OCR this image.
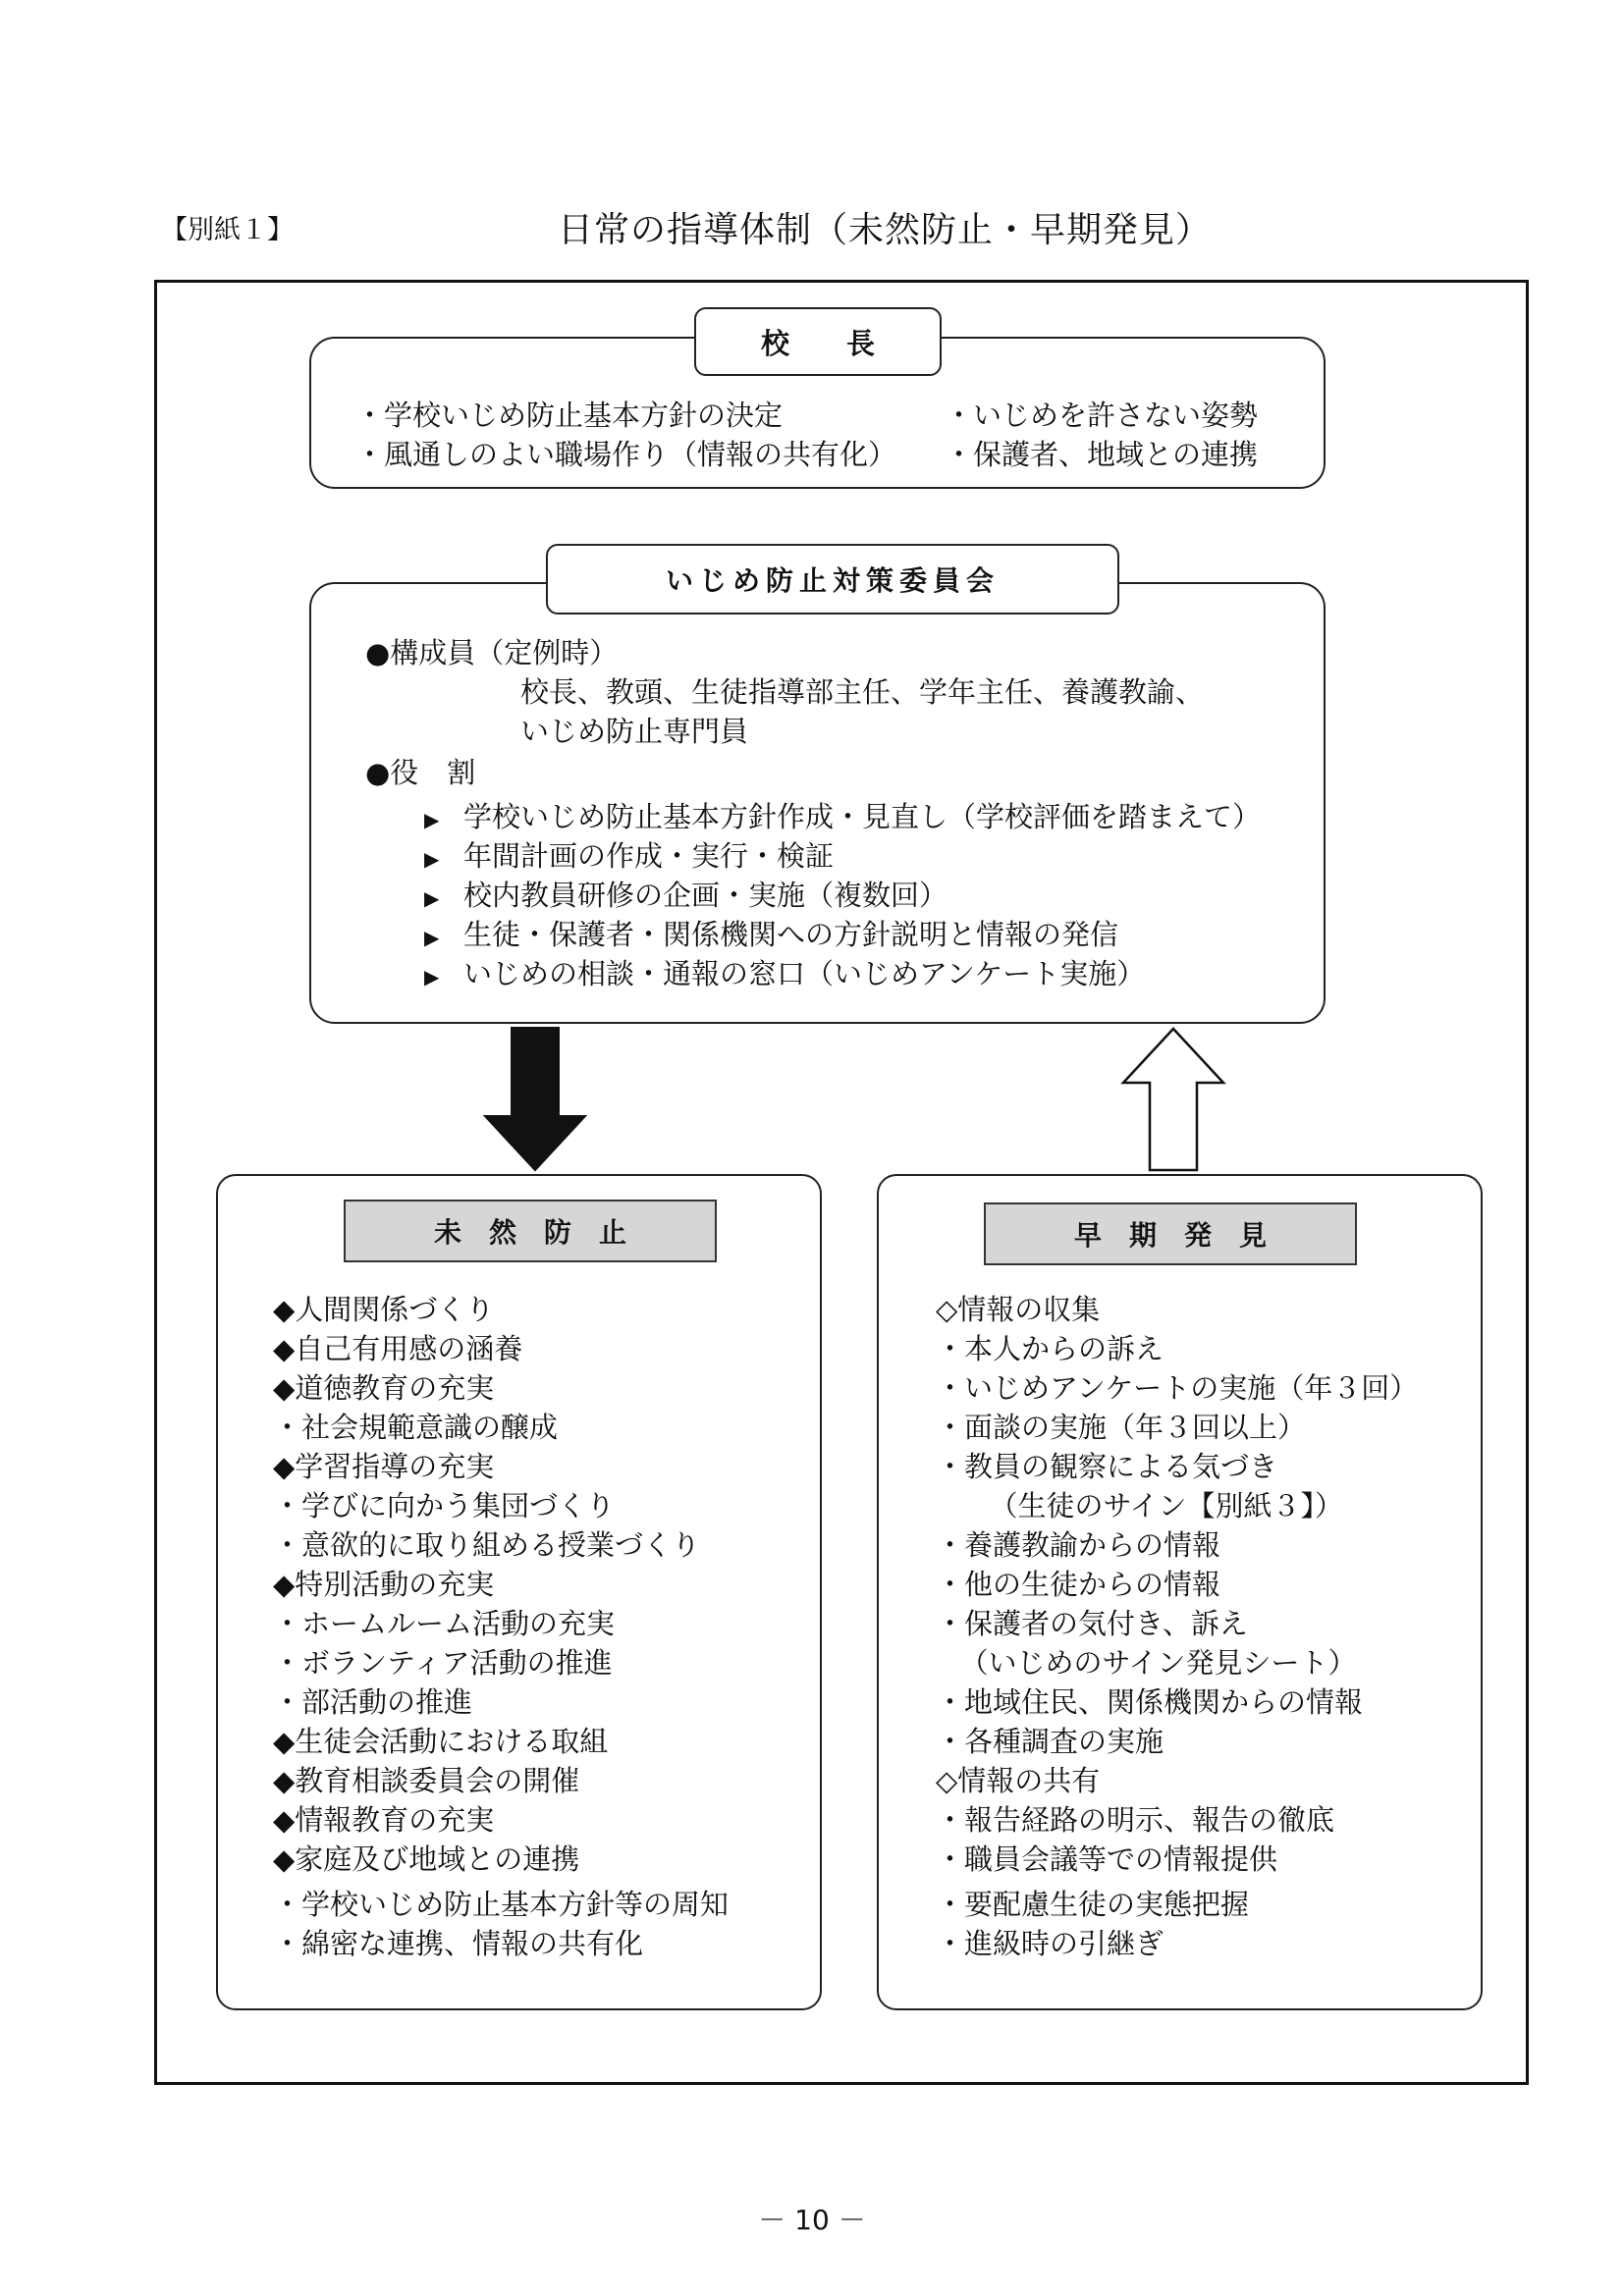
【別紙１】	日常の指導体制（未然防止・早期発見）
校　　長
・学校いじめ防止基本方針の決定
・風通しのよい職場作り（情報の共有化）
・いじめを許さない姿勢
・保護者、地域との連携
いじめ防止対策委員会
●構成員（定例時）
校長、教頭、生徒指導部主任、学年主任、養護教諭、
いじめ防止専門員
●役　割
▶ 学校いじめ防止基本方針作成・見直し（学校評価を踏まえて）
▶ 年間計画の作成・実行・検証
▶ 校内教員研修の企画・実施（複数回）
▶ 生徒・保護者・関係機関への方針説明と情報の発信
▶ いじめの相談・通報の窓口（いじめアンケート実施）
未　然　防　止
◆人間関係づくり
◆自己有用感の涵養
◆道徳教育の充実
・社会規範意識の醸成
◆学習指導の充実
・学びに向かう集団づくり
・意欲的に取り組める授業づくり
◆特別活動の充実
・ホームルーム活動の充実
・ボランティア活動の推進
・部活動の推進
◆生徒会活動における取組
◆教育相談委員会の開催
◆情報教育の充実
◆家庭及び地域との連携
・学校いじめ防止基本方針等の周知
・綿密な連携、情報の共有化
早　期　発　見
◇情報の収集
・本人からの訴え
・いじめアンケートの実施（年３回）
・面談の実施（年３回以上）
・教員の観察による気づき
　（生徒のサイン【別紙３】）
・養護教諭からの情報
・他の生徒からの情報
・保護者の気付き、訴え
　（いじめのサイン発見シート）
・地域住民、関係機関からの情報
・各種調査の実施
◇情報の共有
・報告経路の明示、報告の徹底
・職員会議等での情報提供
・要配慮生徒の実態把握
・進級時の引継ぎ
－ 10 －
